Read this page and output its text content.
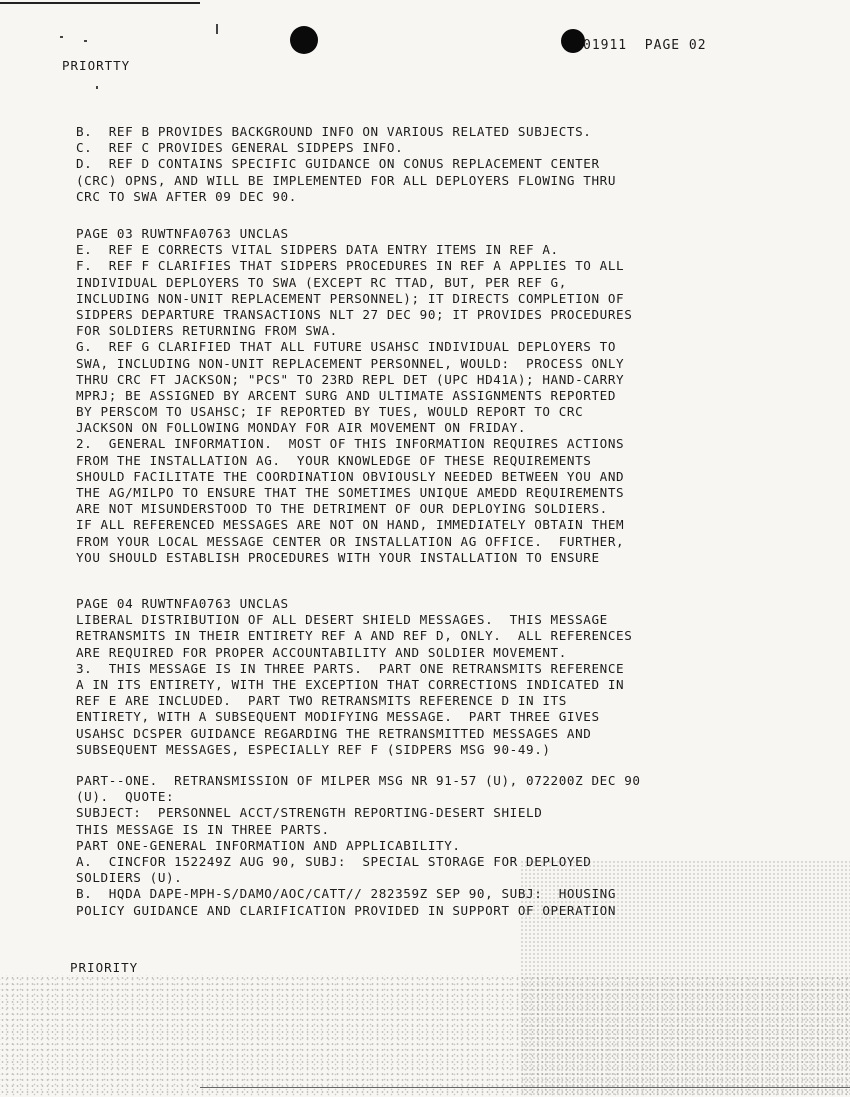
01911  PAGE 02
PRIORTTY
B.  REF B PROVIDES BACKGROUND INFO ON VARIOUS RELATED SUBJECTS.
C.  REF C PROVIDES GENERAL SIDPEPS INFO.
D.  REF D CONTAINS SPECIFIC GUIDANCE ON CONUS REPLACEMENT CENTER
(CRC) OPNS, AND WILL BE IMPLEMENTED FOR ALL DEPLOYERS FLOWING THRU
CRC TO SWA AFTER 09 DEC 90.
PAGE 03 RUWTNFA0763 UNCLAS
E.  REF E CORRECTS VITAL SIDPERS DATA ENTRY ITEMS IN REF A.
F.  REF F CLARIFIES THAT SIDPERS PROCEDURES IN REF A APPLIES TO ALL
INDIVIDUAL DEPLOYERS TO SWA (EXCEPT RC TTAD, BUT, PER REF G,
INCLUDING NON-UNIT REPLACEMENT PERSONNEL); IT DIRECTS COMPLETION OF
SIDPERS DEPARTURE TRANSACTIONS NLT 27 DEC 90; IT PROVIDES PROCEDURES
FOR SOLDIERS RETURNING FROM SWA.
G.  REF G CLARIFIED THAT ALL FUTURE USAHSC INDIVIDUAL DEPLOYERS TO
SWA, INCLUDING NON-UNIT REPLACEMENT PERSONNEL, WOULD:  PROCESS ONLY
THRU CRC FT JACKSON; "PCS" TO 23RD REPL DET (UPC HD41A); HAND-CARRY
MPRJ; BE ASSIGNED BY ARCENT SURG AND ULTIMATE ASSIGNMENTS REPORTED
BY PERSCOM TO USAHSC; IF REPORTED BY TUES, WOULD REPORT TO CRC
JACKSON ON FOLLOWING MONDAY FOR AIR MOVEMENT ON FRIDAY.
2.  GENERAL INFORMATION.  MOST OF THIS INFORMATION REQUIRES ACTIONS
FROM THE INSTALLATION AG.  YOUR KNOWLEDGE OF THESE REQUIREMENTS
SHOULD FACILITATE THE COORDINATION OBVIOUSLY NEEDED BETWEEN YOU AND
THE AG/MILPO TO ENSURE THAT THE SOMETIMES UNIQUE AMEDD REQUIREMENTS
ARE NOT MISUNDERSTOOD TO THE DETRIMENT OF OUR DEPLOYING SOLDIERS.
IF ALL REFERENCED MESSAGES ARE NOT ON HAND, IMMEDIATELY OBTAIN THEM
FROM YOUR LOCAL MESSAGE CENTER OR INSTALLATION AG OFFICE.  FURTHER,
YOU SHOULD ESTABLISH PROCEDURES WITH YOUR INSTALLATION TO ENSURE
PAGE 04 RUWTNFA0763 UNCLAS
LIBERAL DISTRIBUTION OF ALL DESERT SHIELD MESSAGES.  THIS MESSAGE
RETRANSMITS IN THEIR ENTIRETY REF A AND REF D, ONLY.  ALL REFERENCES
ARE REQUIRED FOR PROPER ACCOUNTABILITY AND SOLDIER MOVEMENT.
3.  THIS MESSAGE IS IN THREE PARTS.  PART ONE RETRANSMITS REFERENCE
A IN ITS ENTIRETY, WITH THE EXCEPTION THAT CORRECTIONS INDICATED IN
REF E ARE INCLUDED.  PART TWO RETRANSMITS REFERENCE D IN ITS
ENTIRETY, WITH A SUBSEQUENT MODIFYING MESSAGE.  PART THREE GIVES
USAHSC DCSPER GUIDANCE REGARDING THE RETRANSMITTED MESSAGES AND
SUBSEQUENT MESSAGES, ESPECIALLY REF F (SIDPERS MSG 90-49.)
PART--ONE.  RETRANSMISSION OF MILPER MSG NR 91-57 (U), 072200Z DEC 90
(U).  QUOTE:
SUBJECT:  PERSONNEL ACCT/STRENGTH REPORTING-DESERT SHIELD
THIS MESSAGE IS IN THREE PARTS.
PART ONE-GENERAL INFORMATION AND APPLICABILITY.
A.  CINCFOR 152249Z AUG 90, SUBJ:  SPECIAL STORAGE FOR DEPLOYED
SOLDIERS (U).
B.  HQDA DAPE-MPH-S/DAMO/AOC/CATT// 282359Z SEP 90, SUBJ:  HOUSING
POLICY GUIDANCE AND CLARIFICATION PROVIDED IN SUPPORT OF OPERATION
PRIORITY
